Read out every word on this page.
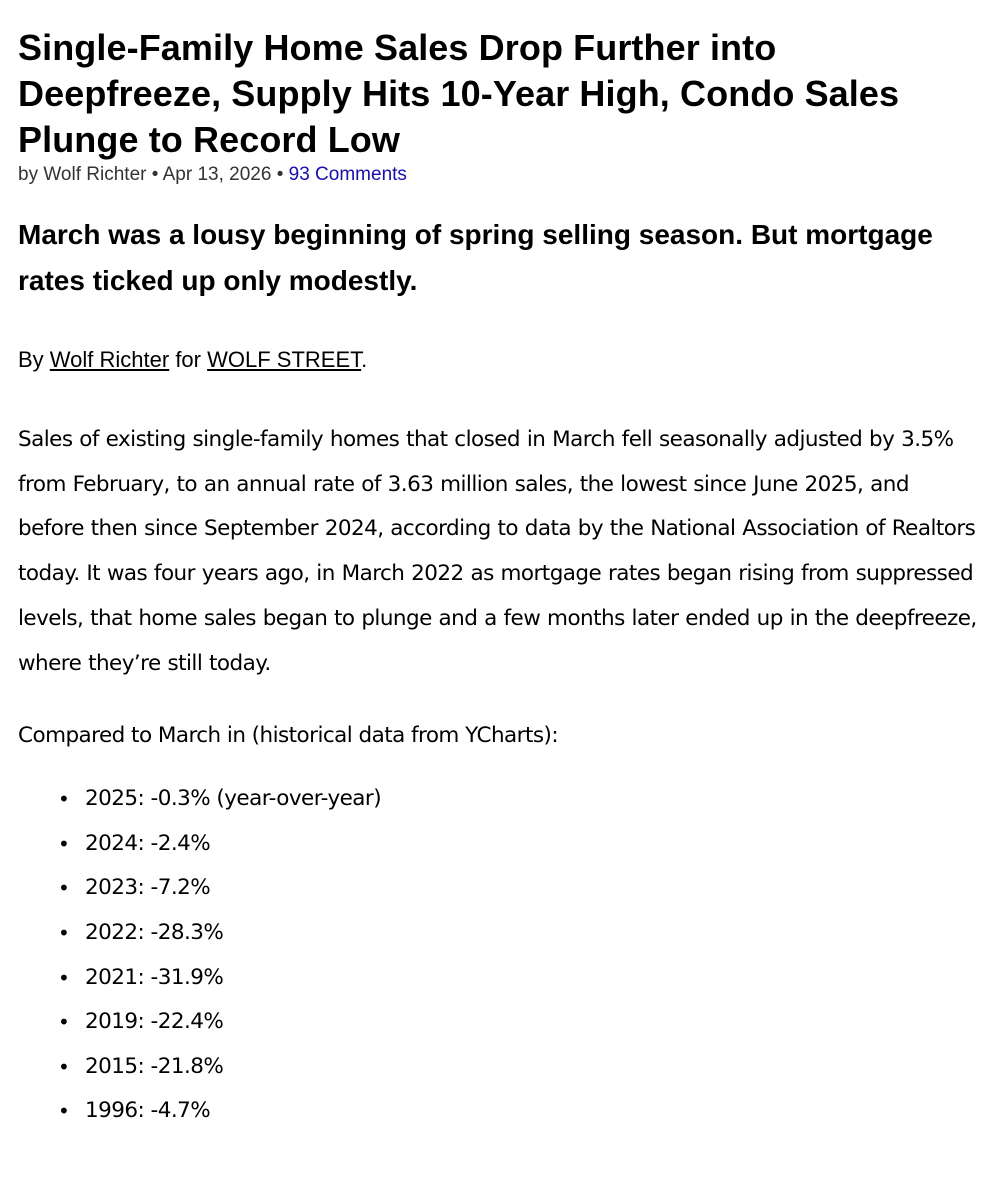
Single-Family Home Sales Drop Further into Deepfreeze, Supply Hits 10-Year High, Condo Sales Plunge to Record Low
by Wolf Richter • Apr 13, 2026 • 93 Comments
March was a lousy beginning of spring selling season. But mortgage rates ticked up only modestly.
By Wolf Richter for WOLF STREET.
Sales of existing single-family homes that closed in March fell seasonally adjusted by 3.5% from February, to an annual rate of 3.63 million sales, the lowest since June 2025, and before then since September 2024, according to data by the National Association of Realtors today. It was four years ago, in March 2022 as mortgage rates began rising from suppressed levels, that home sales began to plunge and a few months later ended up in the deepfreeze, where they’re still today.
Compared to March in (historical data from YCharts):
• 2025: -0.3% (year-over-year)
• 2024: -2.4%
• 2023: -7.2%
• 2022: -28.3%
• 2021: -31.9%
• 2019: -22.4%
• 2015: -21.8%
• 1996: -4.7%
